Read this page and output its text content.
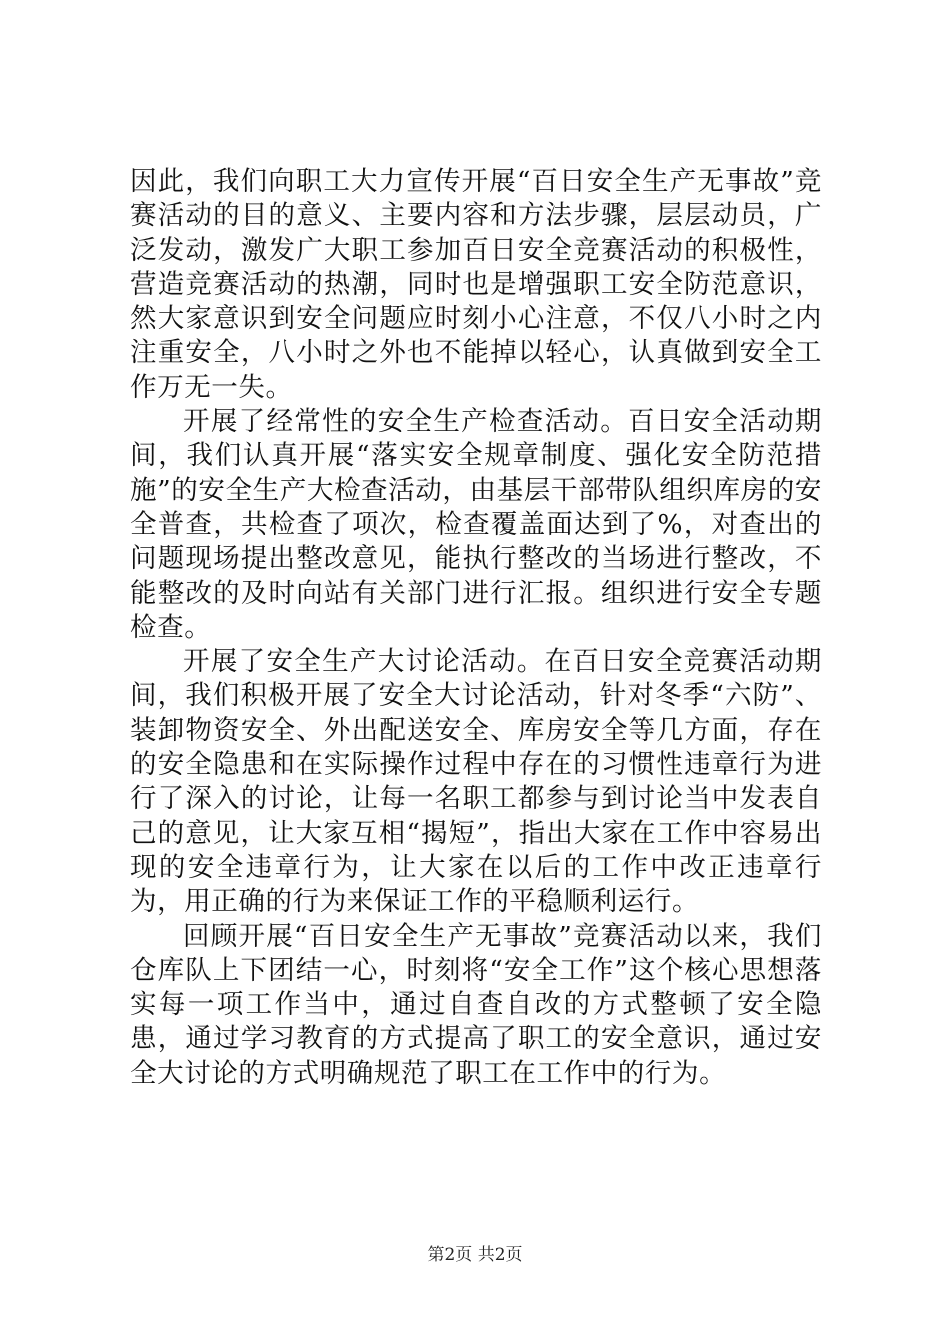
因此，我们向职工大力宣传开展“百日安全生产无事故”竞赛活动的目的意义、主要内容和方法步骤，层层动员，广泛发动，激发广大职工参加百日安全竞赛活动的积极性，营造竞赛活动的热潮，同时也是增强职工安全防范意识，然大家意识到安全问题应时刻小心注意，不仅八小时之内注重安全，八小时之外也不能掉以轻心，认真做到安全工作万无一失。

开展了经常性的安全生产检查活动。百日安全活动期间，我们认真开展“落实安全规章制度、强化安全防范措施”的安全生产大检查活动，由基层干部带队组织库房的安全普查，共检查了项次，检查覆盖面达到了%，对查出的问题现场提出整改意见，能执行整改的当场进行整改，不能整改的及时向站有关部门进行汇报。组织进行安全专题检查。

开展了安全生产大讨论活动。在百日安全竞赛活动期间，我们积极开展了安全大讨论活动，针对冬季“六防”、装卸物资安全、外出配送安全、库房安全等几方面，存在的安全隐患和在实际操作过程中存在的习惯性违章行为进行了深入的讨论，让每一名职工都参与到讨论当中发表自己的意见，让大家互相“揭短”，指出大家在工作中容易出现的安全违章行为，让大家在以后的工作中改正违章行为，用正确的行为来保证工作的平稳顺利运行。

回顾开展“百日安全生产无事故”竞赛活动以来，我们仓库队上下团结一心，时刻将“安全工作”这个核心思想落实每一项工作当中，通过自查自改的方式整顿了安全隐患，通过学习教育的方式提高了职工的安全意识，通过安全大讨论的方式明确规范了职工在工作中的行为。

第2页 共2页
